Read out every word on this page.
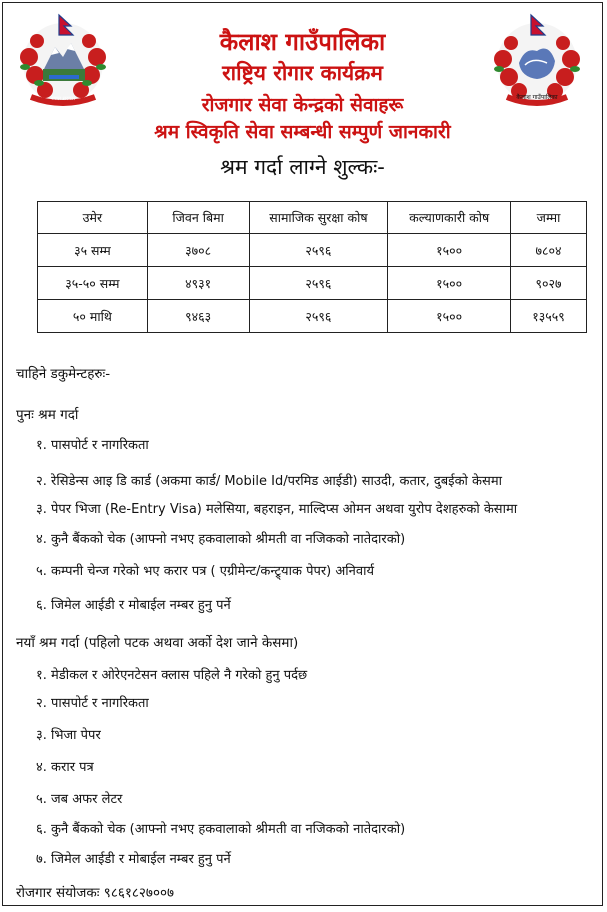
नेपाल सरकार	कैलाश गाउँपालिका
कैलाश गाउँपालिका
राष्ट्रिय रोगार कार्यक्रम
रोजगार सेवा केन्द्रको सेवाहरू
श्रम स्विकृति सेवा सम्बन्धी सम्पुर्ण जानकारी
श्रम गर्दा लाग्ने शुल्कः-
उमेर	जिवन बिमा	सामाजिक सुरक्षा कोष	कल्याणकारी कोष	जम्मा
३५ सम्म	३७०८	२५९६	१५००	७८०४
३५-५० सम्म	४९३१	२५९६	१५००	९०२७
५० माथि	९४६३	२५९६	१५००	१३५५९
चाहिने डकुमेन्टहरुः-
पुनः श्रम गर्दा
१. पासपोर्ट र नागरिकता
२. रेसिडेन्स आइ डि कार्ड (अकमा कार्ड/ Mobile Id/परमिड आईडी) साउदी, कतार, दुबईको केसमा
३. पेपर भिजा (Re-Entry Visa) मलेसिया, बहराइन, माल्दिप्स ओमन अथवा युरोप देशहरुको केसामा
४. कुनै बैंकको चेक (आफ्नो नभए हकवालाको श्रीमती वा नजिकको नातेदारको)
५. कम्पनी चेन्ज गरेको भए करार पत्र ( एग्रीमेन्ट/कन्ट्र्याक पेपर) अनिवार्य
६. जिमेल आईडी र मोबाईल नम्बर हुनु पर्ने
नयाँ श्रम गर्दा (पहिलो पटक अथवा अर्को देश जाने केसमा)
१. मेडीकल र ओरेएनटेसन क्लास पहिले नै गरेको हुनु पर्दछ
२. पासपोर्ट र नागरिकता
३. भिजा पेपर
४. करार पत्र
५. जब अफर लेटर
६. कुनै बैंकको चेक (आफ्नो नभए हकवालाको श्रीमती वा नजिकको नातेदारको)
७. जिमेल आईडी र मोबाईल नम्बर हुनु पर्ने
रोजगार संयोजकः ९८६१८२७००७
